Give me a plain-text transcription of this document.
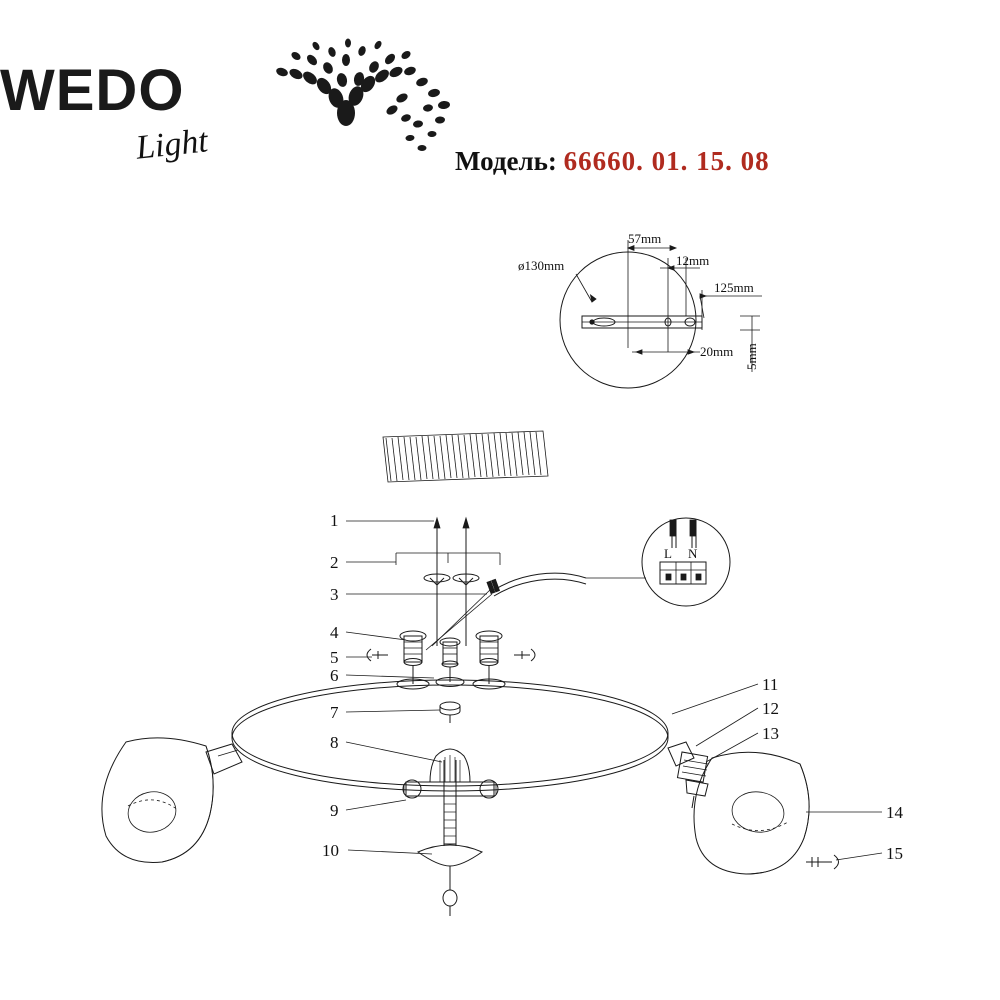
WEDO
Light	Модель: 66660. 01. 15. 08
57mm
12mm
125mm
20mm 5mm
ø130mm
L N
1
2
3
4
5
6
7
8
9
10
11
12
13
14
15
